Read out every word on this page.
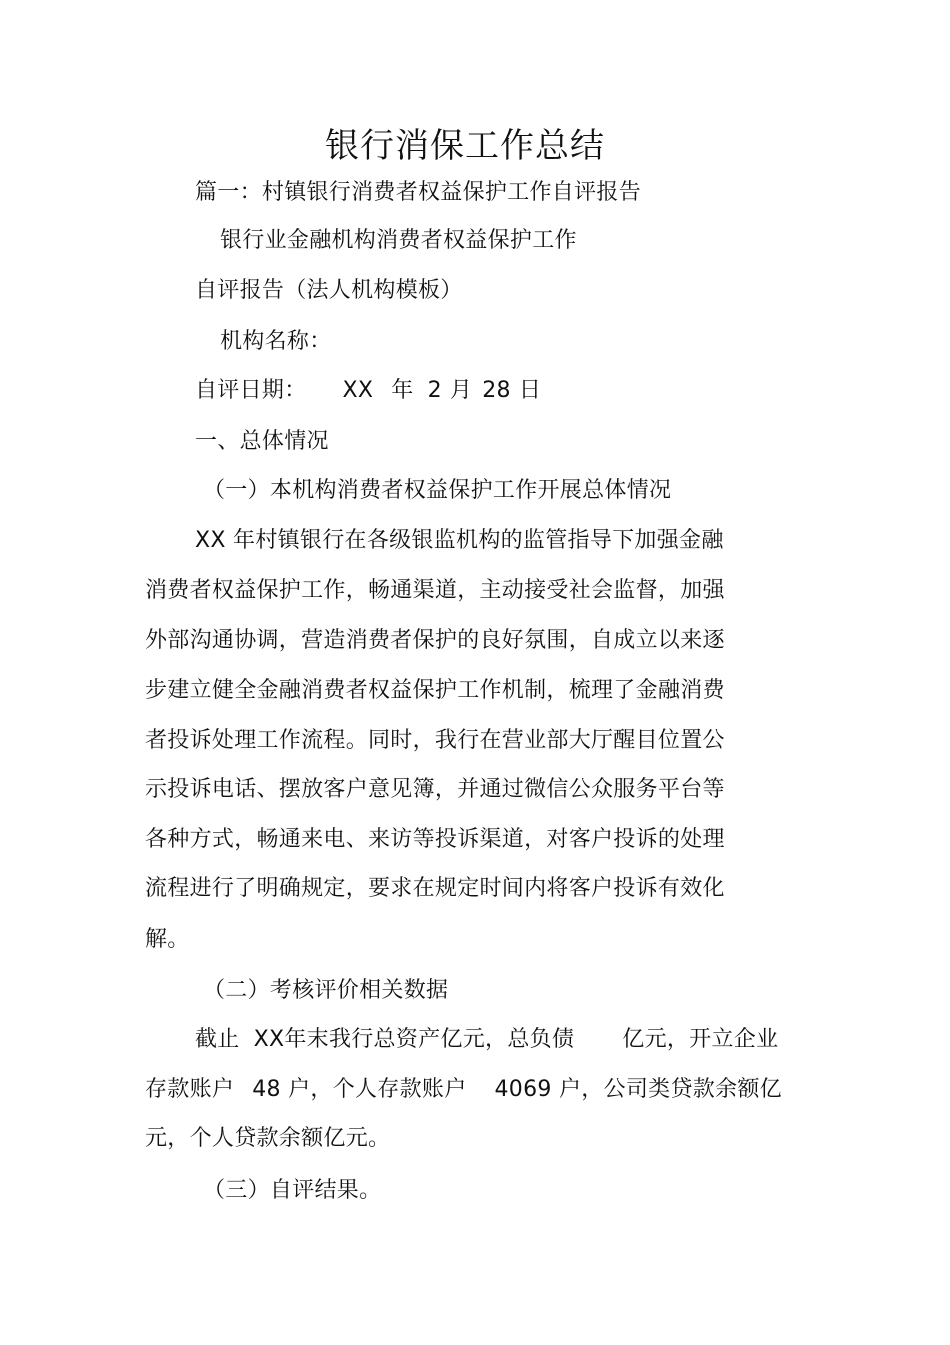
银行消保工作总结
篇一：村镇银行消费者权益保护工作自评报告
银行业金融机构消费者权益保护工作
自评报告（法人机构模板）
机构名称：
自评日期： XX 年 2 月 28 日
一、总体情况
（一）本机构消费者权益保护工作开展总体情况
XX 年村镇银行在各级银监机构的监管指导下加强金融
消费者权益保护工作，畅通渠道，主动接受社会监督，加强
外部沟通协调，营造消费者保护的良好氛围，自成立以来逐
步建立健全金融消费者权益保护工作机制，梳理了金融消费
者投诉处理工作流程。同时，我行在营业部大厅醒目位置公
示投诉电话、摆放客户意见簿，并通过微信公众服务平台等
各种方式，畅通来电、来访等投诉渠道，对客户投诉的处理
流程进行了明确规定，要求在规定时间内将客户投诉有效化
解。
（二）考核评价相关数据
截止 XX年末我行总资产亿元，总负债 亿元，开立企业
存款账户 48 户，个人存款账户 4069 户，公司类贷款余额亿
元，个人贷款余额亿元。
（三）自评结果。
